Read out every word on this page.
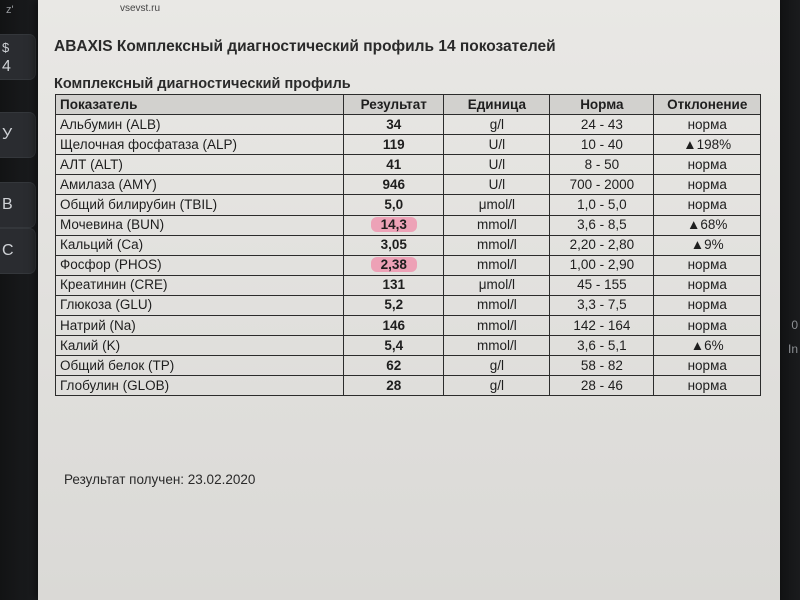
z'
$
4
У
В
С
0
In
vsevst.ru
ABAXIS Комплексный диагностический профиль 14 покозателей
Комплексный диагностический профиль
Показатель	Результат	Единица	Норма	Отклонение
Альбумин (ALB)	34	g/l	24 - 43	норма
Щелочная фосфатаза (ALP)	119	U/l	10 - 40	▲198%
АЛТ (ALT)	41	U/l	8 - 50	норма
Амилаза (AMY)	946	U/l	700 - 2000	норма
Общий билирубин (TBIL)	5,0	μmol/l	1,0 - 5,0	норма
Мочевина (BUN)	14,3	mmol/l	3,6 - 8,5	▲68%
Кальций (Ca)	3,05	mmol/l	2,20 - 2,80	▲9%
Фосфор (PHOS)	2,38	mmol/l	1,00 - 2,90	норма
Креатинин (CRE)	131	μmol/l	45 - 155	норма
Глюкоза (GLU)	5,2	mmol/l	3,3 - 7,5	норма
Натрий (Na)	146	mmol/l	142 - 164	норма
Калий (K)	5,4	mmol/l	3,6 - 5,1	▲6%
Общий белок (TP)	62	g/l	58 - 82	норма
Глобулин (GLOB)	28	g/l	28 - 46	норма
Результат получен: 23.02.2020
